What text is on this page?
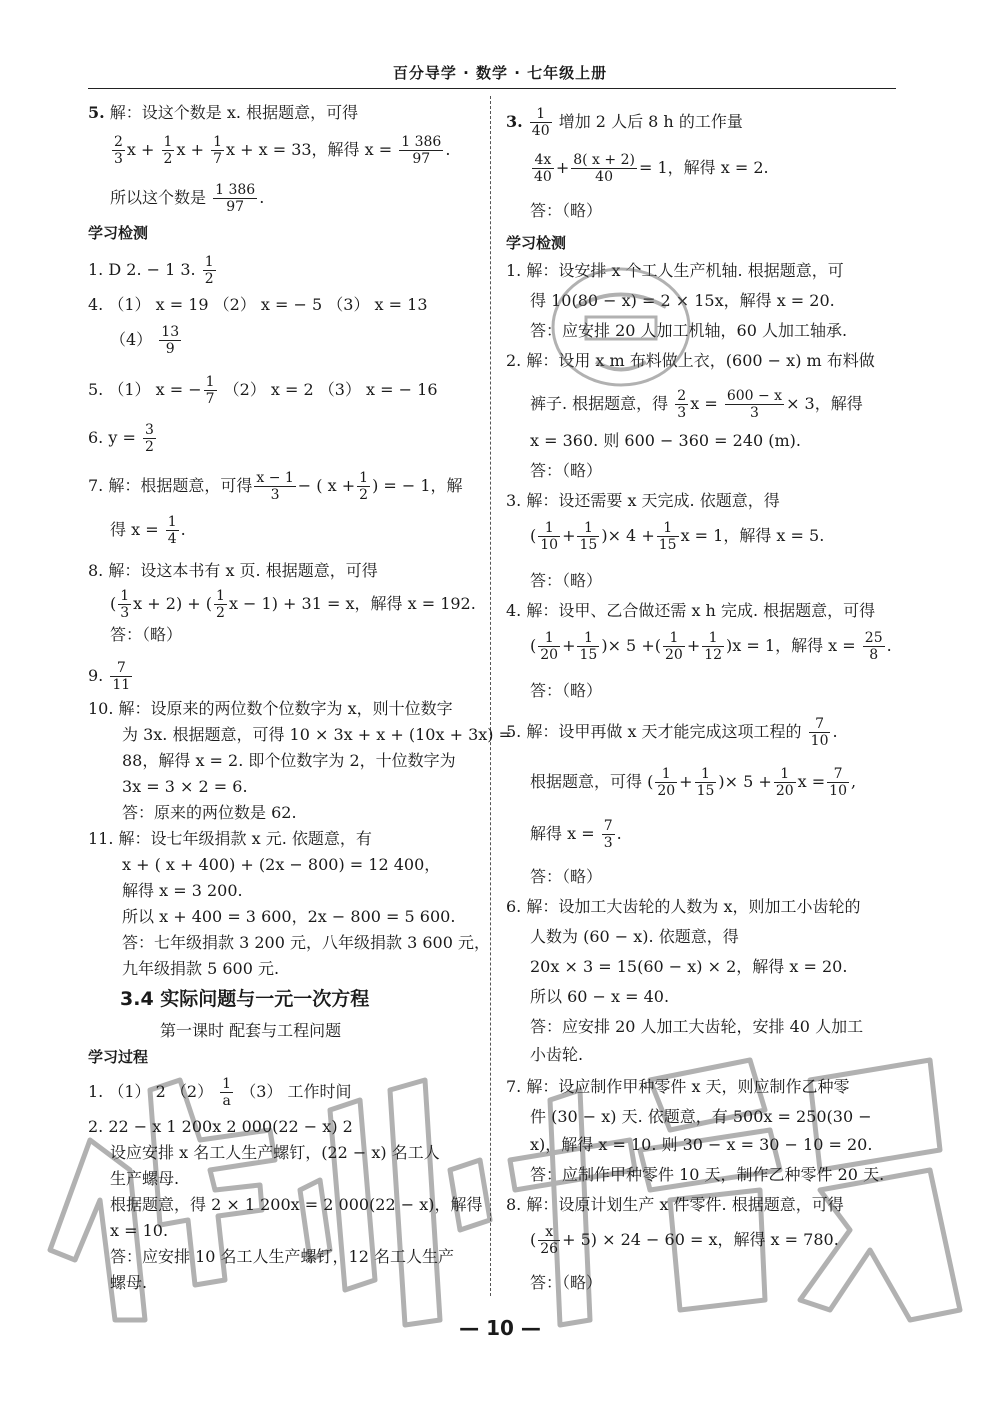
百分导学 · 数学 · 七年级上册
5. 解：设这个数是 x. 根据题意，可得
$\frac{2}{3}$ $x + \frac{1}{2}$ $x + \frac{1}{7}$ x + x = 33，解得 $x = \frac{1 386}{97}$ .
所以这个数是 $\frac{1 386}{97}$ .
学习检测
1. D 2. − 1 3. $\frac{1}{2}$
4. （1） x = 19 （2） x = − 5 （3） x = 13
$(4) \frac{13}{9}$
5. （1） x = − $\frac{1}{7} (2) x = 2$ （3） x = − 16
6. $y = \frac{3}{2}$
7. 解：根据题意，可得 $\frac{x - 1}{3}$ − ( $x + \frac{1}{2}$ ) = − 1，解
得 $x = \frac{1}{4}$ .
8. 解：设这本书有 x 页. 根据题意，可得
( $\frac{1}{3}$ x + 2) + ( $\frac{1}{2}$ x − 1) + 31 = x，解得 x = 192.
答：（略）
9. $\frac{7}{11}$
10. 解：设原来的两位数个位数字为 x，则十位数字
为 3x. 根据题意，可得 10 × 3x + x + (10x + 3x) =
88，解得 x = 2. 即个位数字为 2，十位数字为
3x = 3 × 2 = 6.
答：原来的两位数是 62.
11. 解：设七年级捐款 x 元. 依题意，有
x + ( x + 400) + (2x − 800) = 12 400，
解得 x = 3 200.
所以 x + 400 = 3 600，2x − 800 = 5 600.
答：七年级捐款 3 200 元，八年级捐款 3 600 元，
九年级捐款 5 600 元.
3.4 实际问题与一元一次方程
第一课时 配套与工程问题
学习过程
1. （1） 2 $(2) \frac{1}{a} (3)$ 工作时间
2. 22 − x 1 200x 2 000(22 − x) 2
设应安排 x 名工人生产螺钉，(22 − x) 名工人
生产螺母.
根据题意，得 2 × 1 200x = 2 000(22 − x)，解得
x = 10.
答：应安排 10 名工人生产螺钉，12 名工人生产
螺母.
3. $\frac{1}{40}$ 增加 2 人后 8 h 的工作量
$\frac{4x}{40} + \frac{8( x + 2)}{40} = 1$，解得 x = 2.
答：（略）
学习检测
1. 解：设安排 x 个工人生产机轴. 根据题意，可
得 10(80 − x) = 2 × 15x，解得 x = 20.
答：应安排 20 人加工机轴，60 人加工轴承.
2. 解：设用 x m 布料做上衣，(600 − x) m 布料做
裤子. 根据题意，得 $\frac{2}{3}$ $x = \frac{600 - x}{3} \times 3$，解得
x = 360. 则 600 − 360 = 240 (m).
答：（略）
3. 解：设还需要 x 天完成. 依题意，得
( $\frac{1}{10} + \frac{1}{15}$ )× $4 + \frac{1}{15}$ x = 1，解得 x = 5.
答：（略）
4. 解：设甲、乙合做还需 x h 完成. 根据题意，可得
( $\frac{1}{20} + \frac{1}{15}$ )× 5 +( $\frac{1}{20} + \frac{1}{12} )x = 1$，解得 $x = \frac{25}{8}$ .
答：（略）
5. 解：设甲再做 x 天才能完成这项工程的 $\frac{7}{10}$ .
根据题意，可得 ( $\frac{1}{20} + \frac{1}{15}$ )× $5 + \frac{1}{20}$ $x = \frac{7}{10}$ ,
解得 $x = \frac{7}{3}$ .
答：（略）
6. 解：设加工大齿轮的人数为 x，则加工小齿轮的
人数为 (60 − x). 依题意，得
20x × 3 = 15(60 − x) × 2，解得 x = 20.
所以 60 − x = 40.
答：应安排 20 人加工大齿轮，安排 40 人加工
小齿轮.
7. 解：设应制作甲种零件 x 天，则应制作乙种零
件 (30 − x) 天. 依题意，有 500x = 250(30 −
x)，解得 x = 10. 则 30 − x = 30 − 10 = 20.
答：应制作甲种零件 10 天，制作乙种零件 20 天.
8. 解：设原计划生产 x 件零件. 根据题意，可得
( $\frac{x}{26} + 5) \times 24 - 60 = x$，解得 x = 780.
答：（略）
— 10 —
